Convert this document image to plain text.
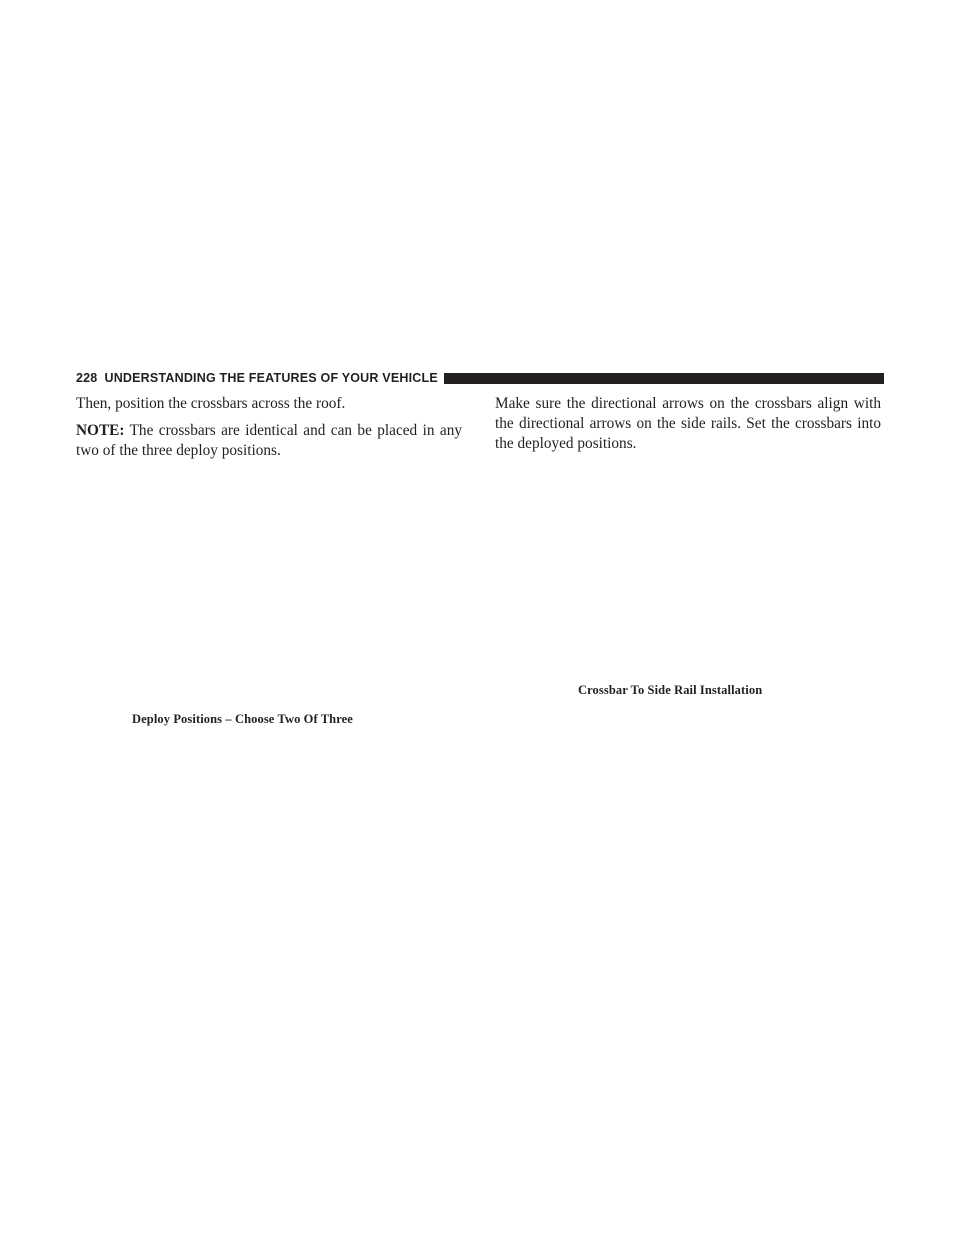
228 UNDERSTANDING THE FEATURES OF YOUR VEHICLE

Then, position the crossbars across the roof.

NOTE: The crossbars are identical and can be placed in any two of the three deploy positions.

Make sure the directional arrows on the crossbars align with the directional arrows on the side rails. Set the crossbars into the deployed positions.

Crossbar To Side Rail Installation
Deploy Positions – Choose Two Of Three
